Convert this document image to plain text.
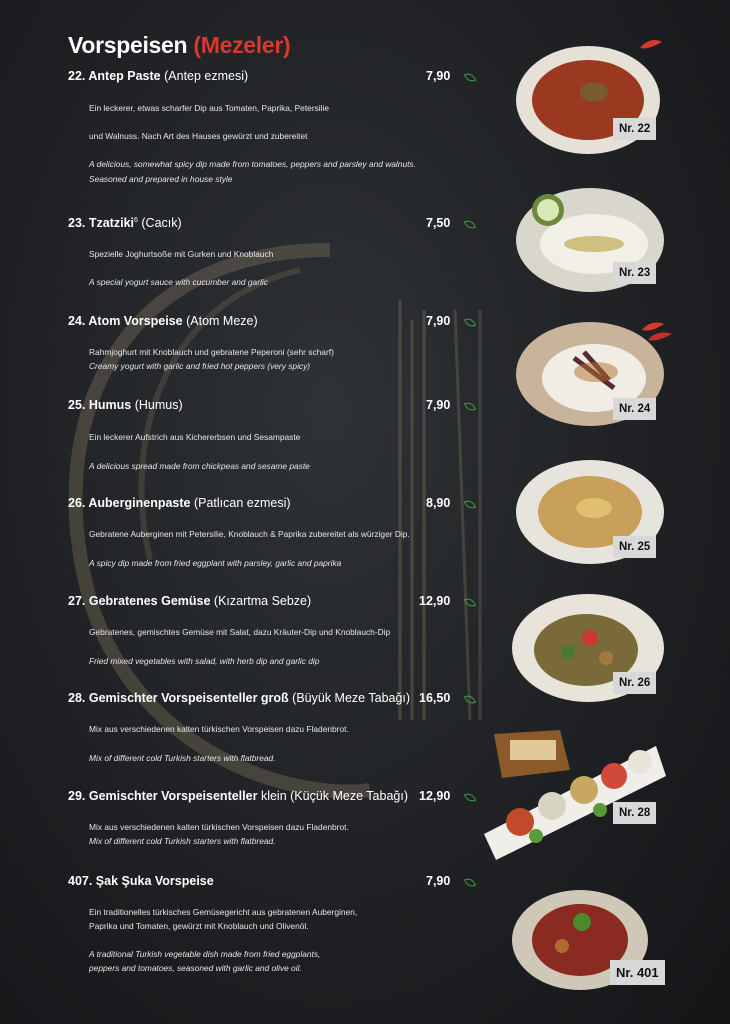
Vorspeisen (Mezeler)
22. Antep Paste (Antep ezmesi)
Ein leckerer, etwas scharfer Dip aus Tomaten, Paprika, Petersilie
und Walnuss. Nach Art des Hauses gewürzt und zubereitet
A delicious, somewhat spicy dip made from tomatoes, peppers and parsley and walnuts.
Seasoned and prepared in house style
7,90
23. Tzatziki$^6$ (Cacık)
Spezielle Joghurtsoße mit Gurken und Knoblauch
A special yogurt sauce with cucumber and garlic
7,50
24. Atom Vorspeise (Atom Meze)
Rahmjoghurt mit Knoblauch und gebratene Peperoni (sehr scharf)
Creamy yogurt with garlic and fried hot peppers (very spicy)
7,90
25. Humus (Humus)
Ein leckerer Aufstrich aus Kichererbsen und Sesampaste
A delicious spread made from chickpeas and sesame paste
7,90
26. Auberginenpaste (Patlıcan ezmesi)
Gebratene Auberginen mit Petersilie, Knoblauch & Paprika zubereitet als würziger Dip.
A spicy dip made from fried eggplant with parsley, garlic and paprika
8,90
27. Gebratenes Gemüse (Kızartma Sebze)
Gebratenes, gemischtes Gemüse mit Salat, dazu Kräuter-Dip und Knoblauch-Dip
Fried mixed vegetables with salad, with herb dip and garlic dip
12,90
28. Gemischter Vorspeisenteller groß (Büyük Meze Tabağı)
Mix aus verschiedenen kalten türkischen Vorspeisen dazu Fladenbrot.
Mix of different cold Turkish starters with flatbread.
16,50
29. Gemischter Vorspeisenteller klein (Küçük Meze Tabağı)
Mix aus verschiedenen kalten türkischen Vorspeisen dazu Fladenbrot.
Mix of different cold Turkish starters with flatbread.
12,90
407. Şak Şuka Vorspeise
Ein traditionelles türkisches Gemüsegericht aus gebratenen Auberginen,
Paprika und Tomaten, gewürzt mit Knoblauch und Olivenöl.
A traditional Turkish vegetable dish made from fried eggplants,
peppers and tomatoes, seasoned with garlic and olive oil.
7,90
Nr. 22
Nr. 23
Nr. 24
Nr. 25
Nr. 26
Nr. 28
Nr. 401
